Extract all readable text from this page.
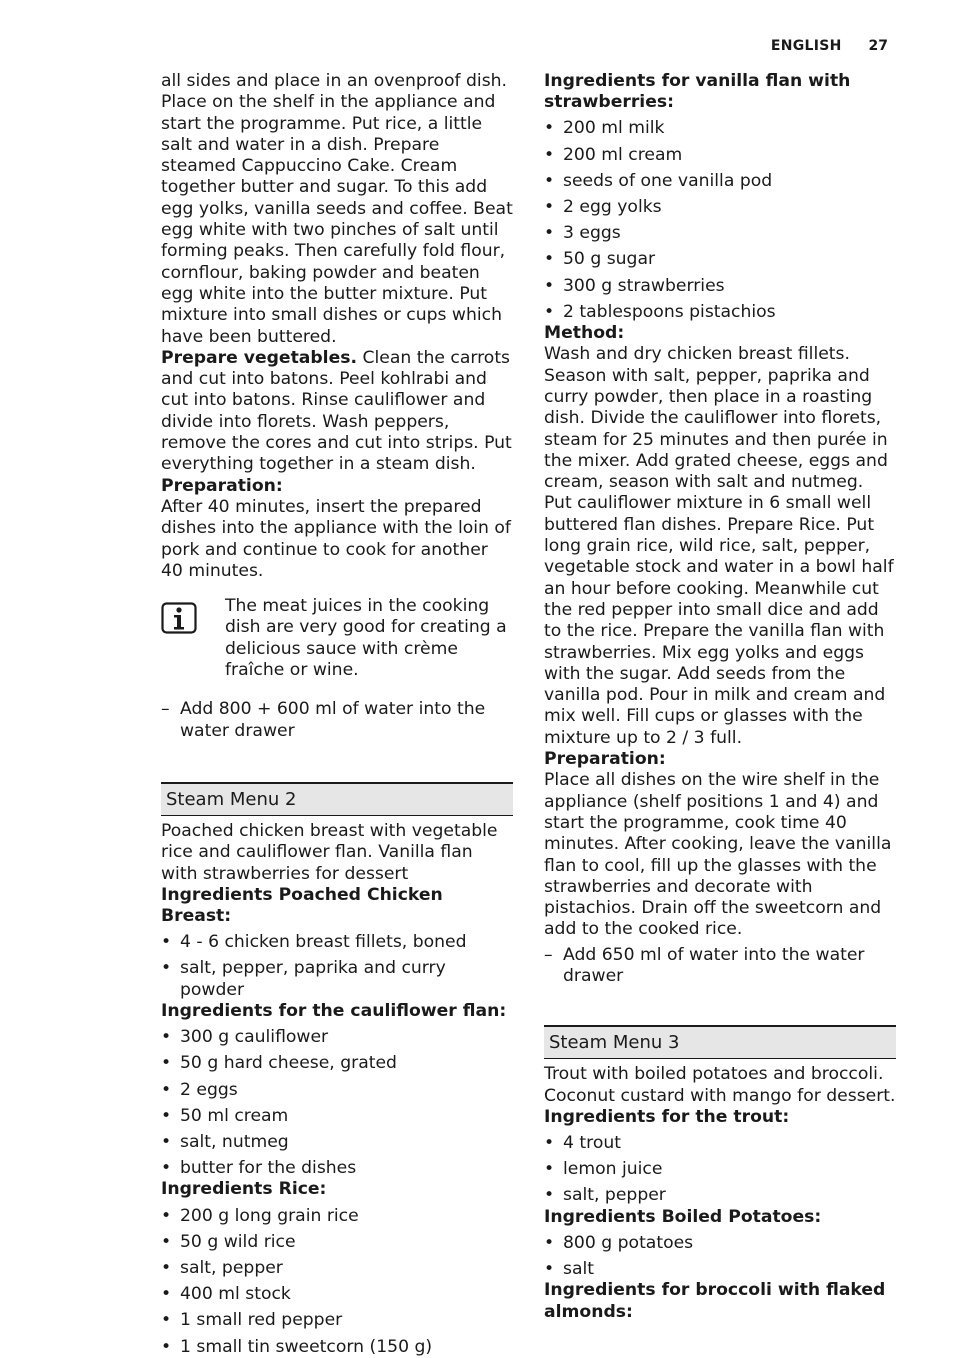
ENGLISH 27

all sides and place in an ovenproof dish. Place on the shelf in the appliance and start the programme. Put rice, a little salt and water in a dish. Prepare steamed Cappuccino Cake. Cream together butter and sugar. To this add egg yolks, vanilla seeds and coffee. Beat egg white with two pinches of salt until forming peaks. Then carefully fold flour, cornflour, baking powder and beaten egg white into the butter mixture. Put mixture into small dishes or cups which have been buttered.

Prepare vegetables. Clean the carrots and cut into batons. Peel kohlrabi and cut into batons. Rinse cauliflower and divide into florets. Wash peppers, remove the cores and cut into strips. Put everything together in a steam dish.

Preparation:

After 40 minutes, insert the prepared dishes into the appliance with the loin of pork and continue to cook for another 40 minutes.

The meat juices in the cooking dish are very good for creating a delicious sauce with crème fraîche or wine.

– Add 800 + 600 ml of water into the water drawer

Steam Menu 2

Poached chicken breast with vegetable rice and cauliflower flan. Vanilla flan with strawberries for dessert

Ingredients Poached Chicken Breast:

• 4 - 6 chicken breast fillets, boned
• salt, pepper, paprika and curry powder

Ingredients for the cauliflower flan:

• 300 g cauliflower
• 50 g hard cheese, grated
• 2 eggs
• 50 ml cream
• salt, nutmeg
• butter for the dishes

Ingredients Rice:

• 200 g long grain rice
• 50 g wild rice
• salt, pepper
• 400 ml stock
• 1 small red pepper
• 1 small tin sweetcorn (150 g)

Ingredients for vanilla flan with strawberries:

• 200 ml milk
• 200 ml cream
• seeds of one vanilla pod
• 2 egg yolks
• 3 eggs
• 50 g sugar
• 300 g strawberries
• 2 tablespoons pistachios

Method:

Wash and dry chicken breast fillets. Season with salt, pepper, paprika and curry powder, then place in a roasting dish. Divide the cauliflower into florets, steam for 25 minutes and then purée in the mixer. Add grated cheese, eggs and cream, season with salt and nutmeg. Put cauliflower mixture in 6 small well buttered flan dishes. Prepare Rice. Put long grain rice, wild rice, salt, pepper, vegetable stock and water in a bowl half an hour before cooking. Meanwhile cut the red pepper into small dice and add to the rice. Prepare the vanilla flan with strawberries. Mix egg yolks and eggs with the sugar. Add seeds from the vanilla pod. Pour in milk and cream and mix well. Fill cups or glasses with the mixture up to 2 / 3 full.

Preparation:

Place all dishes on the wire shelf in the appliance (shelf positions 1 and 4) and start the programme, cook time 40 minutes. After cooking, leave the vanilla flan to cool, fill up the glasses with the strawberries and decorate with pistachios. Drain off the sweetcorn and add to the cooked rice.

– Add 650 ml of water into the water drawer

Steam Menu 3

Trout with boiled potatoes and broccoli. Coconut custard with mango for dessert.

Ingredients for the trout:

• 4 trout
• lemon juice
• salt, pepper

Ingredients Boiled Potatoes:

• 800 g potatoes
• salt

Ingredients for broccoli with flaked almonds:
